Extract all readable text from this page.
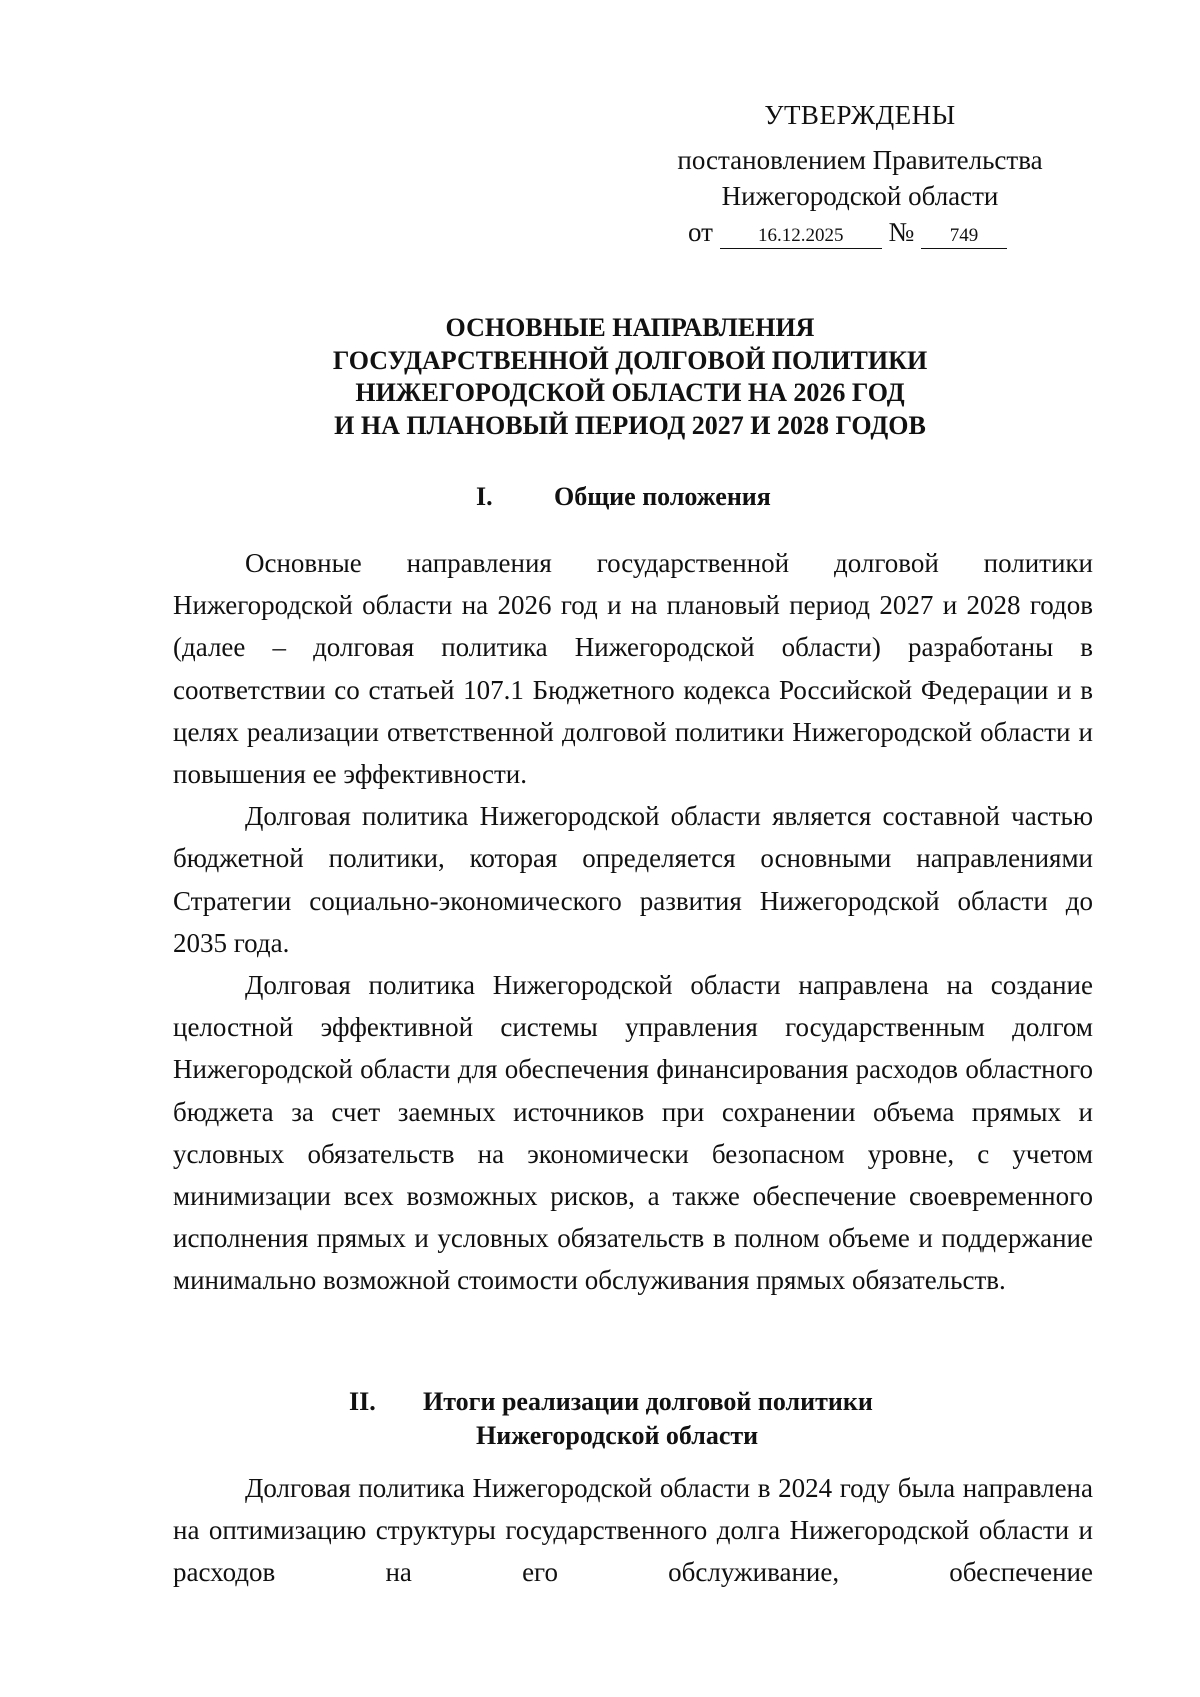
УТВЕРЖДЕНЫ
постановлением Правительства
Нижегородской области
от 16.12.2025 № 749
ОСНОВНЫЕ НАПРАВЛЕНИЯ
ГОСУДАРСТВЕННОЙ ДОЛГОВОЙ ПОЛИТИКИ
НИЖЕГОРОДСКОЙ ОБЛАСТИ НА 2026 ГОД
И НА ПЛАНОВЫЙ ПЕРИОД 2027 И 2028 ГОДОВ
I. Общие положения

Основные направления государственной долговой политики Нижегородской области на 2026 год и на плановый период 2027 и 2028 годов (далее – долговая политика Нижегородской области) разработаны в соответствии со статьей 107.1 Бюджетного кодекса Российской Федерации и в целях реализации ответственной долговой политики Нижегородской области и повышения ее эффективности.

Долговая политика Нижегородской области является составной частью бюджетной политики, которая определяется основными направлениями Стратегии социально-экономического развития Нижегородской области до 2035 года.

Долговая политика Нижегородской области направлена на создание целостной эффективной системы управления государственным долгом Нижегородской области для обеспечения финансирования расходов областного бюджета за счет заемных источников при сохранении объема прямых и условных обязательств на экономически безопасном уровне, с учетом минимизации всех возможных рисков, а также обеспечение своевременного исполнения прямых и условных обязательств в полном объеме и поддержание минимально возможной стоимости обслуживания прямых обязательств.

II. Итоги реализации долговой политики
Нижегородской области

Долговая политика Нижегородской области в 2024 году была направлена на оптимизацию структуры государственного долга Нижегородской области и расходов на его обслуживание, обеспечение
